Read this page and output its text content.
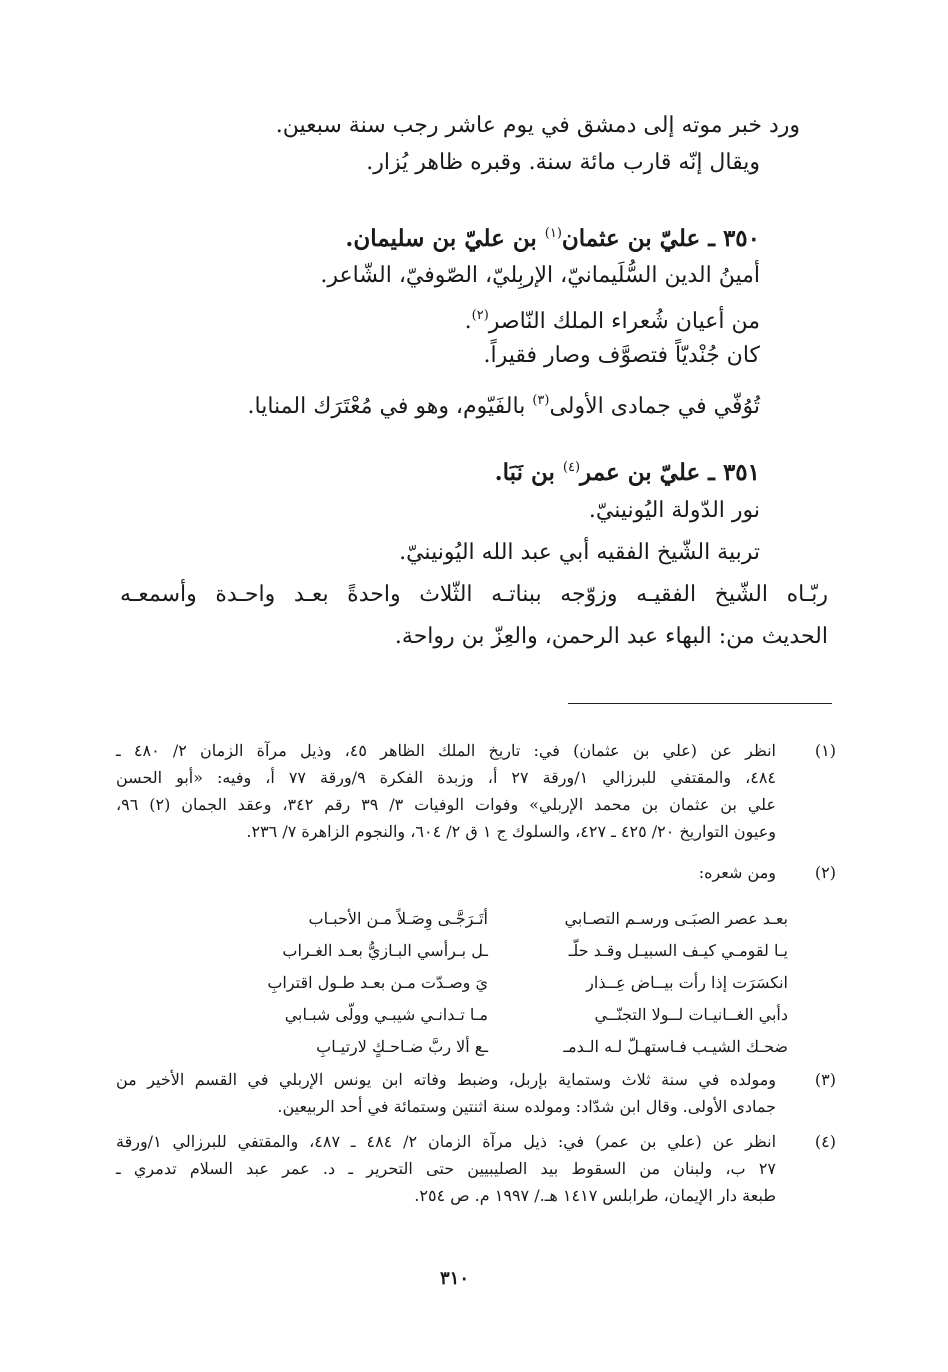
ورد خبر موته إلى دمشق في يوم عاشر رجب سنة سبعين.
ويقال إنّه قارب مائة سنة. وقبره ظاهر يُزار.
٣٥٠ ـ عليّ بن عثمان$^{(١)}$ بن عليّ بن سليمان.
أمينُ الدين السُّلَيمانيّ، الإربِليّ، الصّوفيّ، الشّاعر.
من أعيان شُعراء الملك النّاصر$^{(٢)}$.
كان جُنْديّاً فتصوَّف وصار فقيراً.
تُوُفّي في جمادى الأولى$^{(٣)}$ بالفَيّوم، وهو في مُعْتَرَك المنايا.
٣٥١ ـ عليّ بن عمر$^{(٤)}$ بن نَبَا.
نور الدّولة اليُونينيّ.
تربية الشّيخ الفقيه أبي عبد الله اليُونينيّ.
ربّـاه الشّيخ الفقيـه وزوّجه ببناتـه الثّلاث واحدةً بعـد واحـدة وأسمعـه
الحديث من: البهاء عبد الرحمن، والعِزّ بن رواحة.
(١)
انظر عن (علي بن عثمان) في: تاريخ الملك الظاهر ٤٥، وذيل مرآة الزمان ٢/ ٤٨٠ ـ
٤٨٤، والمقتفي للبرزالي ١/ورقة ٢٧ أ، وزبدة الفكرة ٩/ورقة ٧٧ أ، وفيه: «أبو الحسن
علي بن عثمان بن محمد الإربلي» وفوات الوفيات ٣/ ٣٩ رقم ٣٤٢، وعقد الجمان (٢) ٩٦،
وعيون التواريخ ٢٠/ ٤٢٥ ـ ٤٢٧، والسلوك ج ١ ق ٢/ ٦٠٤، والنجوم الزاهرة ٧/ ٢٣٦.
(٢)
ومن شعره:
بعـد عصر الصبَـى ورسـم التصـابي
أتَـرَجَّـى وِصَـلاً مـن الأحبـاب
يـا لقومـي كيـف السبيـل وقـد حلّـ
ـل بـرأسي البـازيُّ بعـد الغـراب
انكسَرَت إذا رأت بيــاض عِــذار
يَ وصـدّت مـن بعـد طـول اقترابِ
دأبي الغــانيـات لــولا التجنّــي
مـا تـدانـي شيبـي وولّى شبـابي
ضحـك الشيـب فـاستهـلّ لـه الـدمـ
ـع ألا ربَّ ضـاحـكٍ لارتيـابِ
(٣)
ومولده في سنة ثلاث وستماية بإربل، وضبط وفاته ابن يونس الإربلي في القسم الأخير من
جمادى الأولى. وقال ابن شدّاد: ومولده سنة اثنتين وستمائة في أحد الربيعين.
(٤)
انظر عن (علي بن عمر) في: ذيل مرآة الزمان ٢/ ٤٨٤ ـ ٤٨٧، والمقتفي للبرزالي ١/ورقة
٢٧ ب، ولبنان من السقوط بيد الصليبيين حتى التحرير ـ د. عمر عبد السلام تدمري ـ
طبعة دار الإيمان، طرابلس ١٤١٧ هـ./ ١٩٩٧ م. ص ٢٥٤.
٣١٠
